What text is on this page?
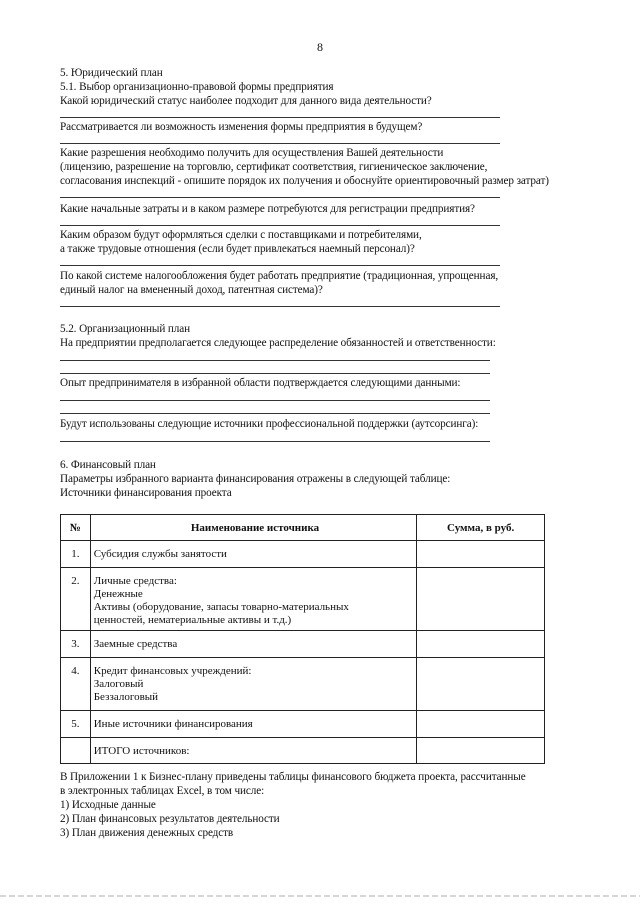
8
5. Юридический план
5.1. Выбор организационно-правовой формы предприятия
Какой юридический статус наиболее подходит для данного вида деятельности?
Рассматривается ли возможность изменения формы предприятия в будущем?
Какие разрешения необходимо получить для осуществления Вашей деятельности
(лицензию, разрешение на торговлю, сертификат соответствия, гигиеническое заключение,
согласования инспекций - опишите порядок их получения и обоснуйте ориентировочный размер затрат)
Какие начальные затраты и в каком размере потребуются для регистрации предприятия?
Каким образом будут оформляться сделки с поставщиками и потребителями,
а также трудовые отношения (если будет привлекаться наемный персонал)?
По какой системе налогообложения будет работать предприятие (традиционная, упрощенная,
единый налог на вмененный доход, патентная система)?
5.2. Организационный план
На предприятии предполагается следующее распределение обязанностей и ответственности:
Опыт предпринимателя в избранной области подтверждается следующими данными:
Будут использованы следующие источники профессиональной поддержки (аутсорсинга):
6. Финансовый план
Параметры избранного варианта финансирования отражены в следующей таблице:
Источники финансирования проекта
№	Наименование источника	Сумма, в руб.

1.	Субсидия службы занятости	

2.	Личные средства:
Денежные
Активы (оборудование, запасы товарно-материальных
ценностей, нематериальные активы и т.д.)	

3.	Заемные средства	

4.	Кредит финансовых учреждений:
Залоговый
Беззалоговый	

5.	Иные источники финансирования	

	ИТОГО источников:	

В Приложении 1 к Бизнес-плану приведены таблицы финансового бюджета проекта, рассчитанные
в электронных таблицах Excel, в том числе:
1) Исходные данные
2) План финансовых результатов деятельности
3) План движения денежных средств
